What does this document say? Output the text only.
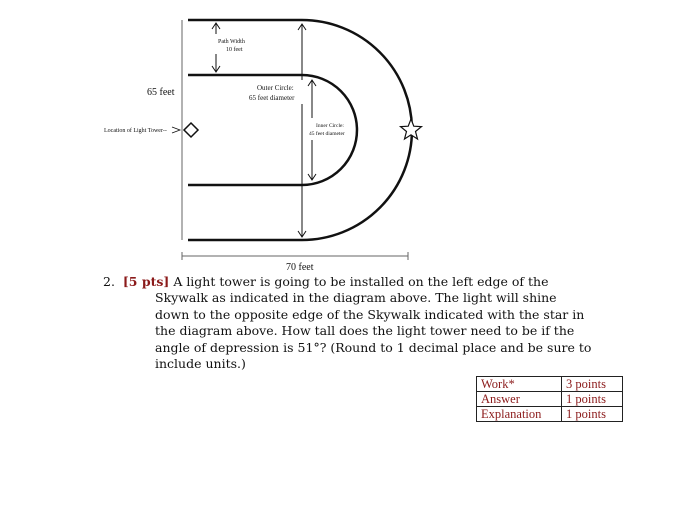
Path Width
10 feet
65 feet	Outer Circle:
65 feet diameter
Inner Circle:
45 feet diameter
Location of Light Tower--
70 feet
2. [5 pts] A light tower is going to be installed on the left edge of the Skywalk as indicated in the diagram above. The light will shine down to the opposite edge of the Skywalk indicated with the star in the diagram above. How tall does the light tower need to be if the angle of depression is 51°? (Round to 1 decimal place and be sure to include units.)
Work*	3 points
Answer	1 points
Explanation	1 points
